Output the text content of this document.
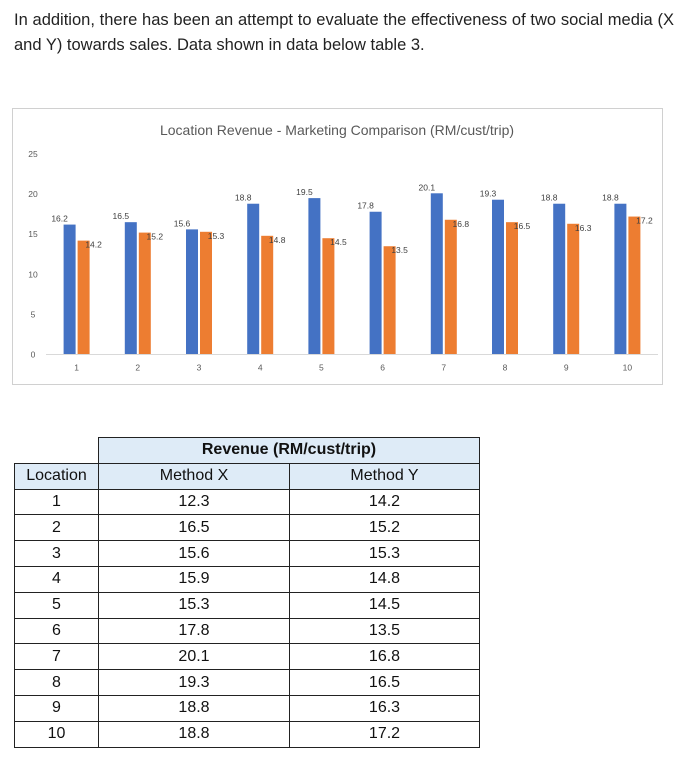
In addition, there has been an attempt to evaluate the effectiveness of two social media (X and Y) towards sales. Data shown in data below table 3.
Location Revenue - Marketing Comparison (RM/cust/trip)
0
5
10
15
20
25
16.2	16.5
15.6
18.8
19.5
17.8
20.1
19.3	18.8	18.8
14.2
15.2	15.3	14.8	14.5
13.5
16.8	16.5	16.3
17.2
1	2	3	4	5	6	7	8	9	10
	Revenue (RM/cust/trip)	
Location	Method X	Method Y
1	12.3	14.2
2	16.5	15.2
3	15.6	15.3
4	15.9	14.8
5	15.3	14.5
6	17.8	13.5
7	20.1	16.8
8	19.3	16.5
9	18.8	16.3
10	18.8	17.2
